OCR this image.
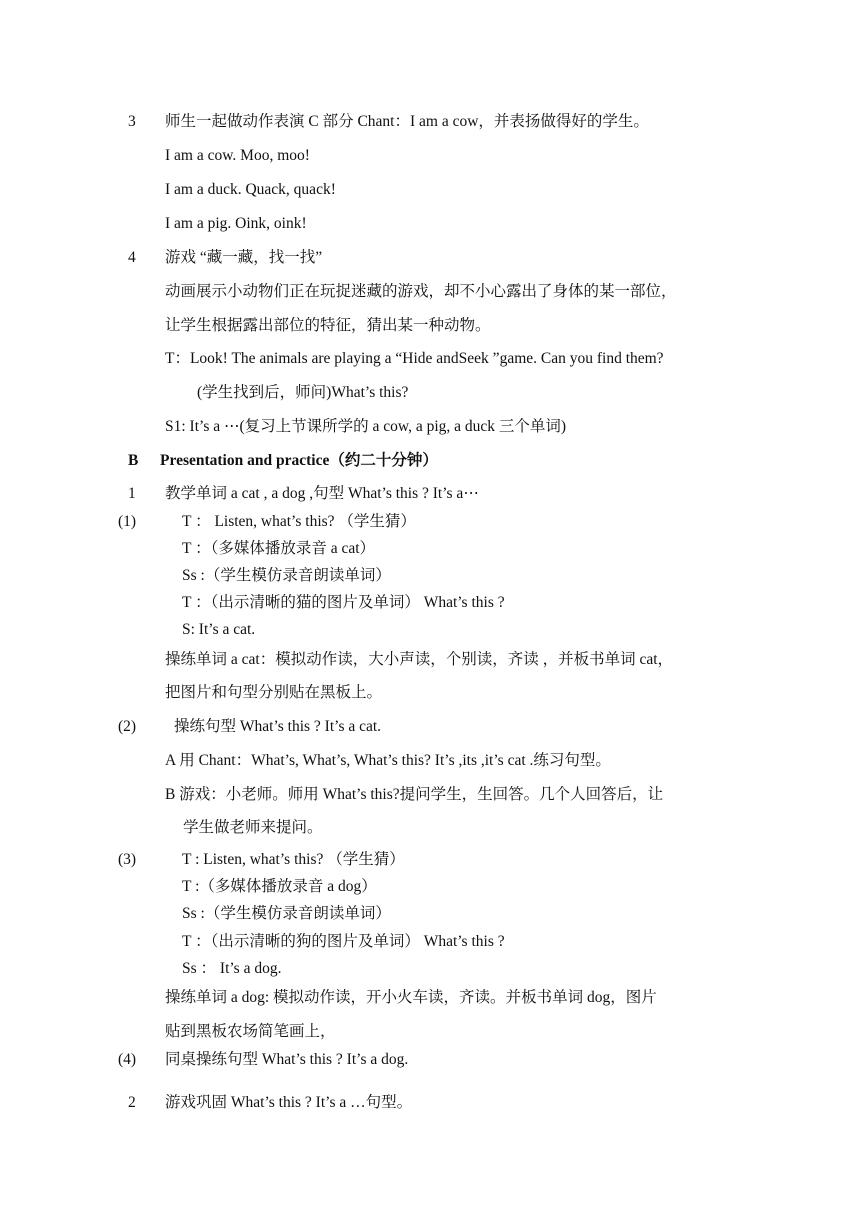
3 师生一起做动作表演 C 部分 Chant：I am a cow，并表扬做得好的学生。
I am a cow. Moo, moo!
I am a duck. Quack, quack!
I am a pig. Oink, oink!
4 游戏 “藏一藏，找一找”
动画展示小动物们正在玩捉迷藏的游戏，却不小心露出了身体的某一部位，
让学生根据露出部位的特征，猜出某一种动物。
T：Look! The animals are playing a “Hide andSeek ”game. Can you find them?
(学生找到后，师问)What’s this?
S1: It’s a ⋯(复习上节课所学的 a cow, a pig, a duck 三个单词)
B Presentation and practice（约二十分钟）
1 教学单词 a cat , a dog ,句型 What’s this ? It’s a⋯
(1)	T ： Listen, what’s this? （学生猜）
T ：（多媒体播放录音 a cat）
Ss :（学生模仿录音朗读单词）
T ：（出示清晰的猫的图片及单词） What’s this ?
S: It’s a cat.
操练单词 a cat：模拟动作读，大小声读，个别读，齐读 ，并板书单词 cat，
把图片和句型分别贴在黑板上。
(2) 操练句型 What’s this ? It’s a cat.
A 用 Chant：What’s, What’s, What’s this? It’s ,its ,it’s cat .练习句型。
B 游戏：小老师。师用 What’s this?提问学生，生回答。几个人回答后，让
学生做老师来提问。
(3)	T : Listen, what’s this? （学生猜）
T :（多媒体播放录音 a dog）
Ss :（学生模仿录音朗读单词）
T ：（出示清晰的狗的图片及单词） What’s this ?
Ss ： It’s a dog.
操练单词 a dog: 模拟动作读，开小火车读，齐读。并板书单词 dog，图片
贴到黑板农场简笔画上，
(4) 同桌操练句型 What’s this ? It’s a dog.
2 游戏巩固 What’s this ? It’s a …句型。
